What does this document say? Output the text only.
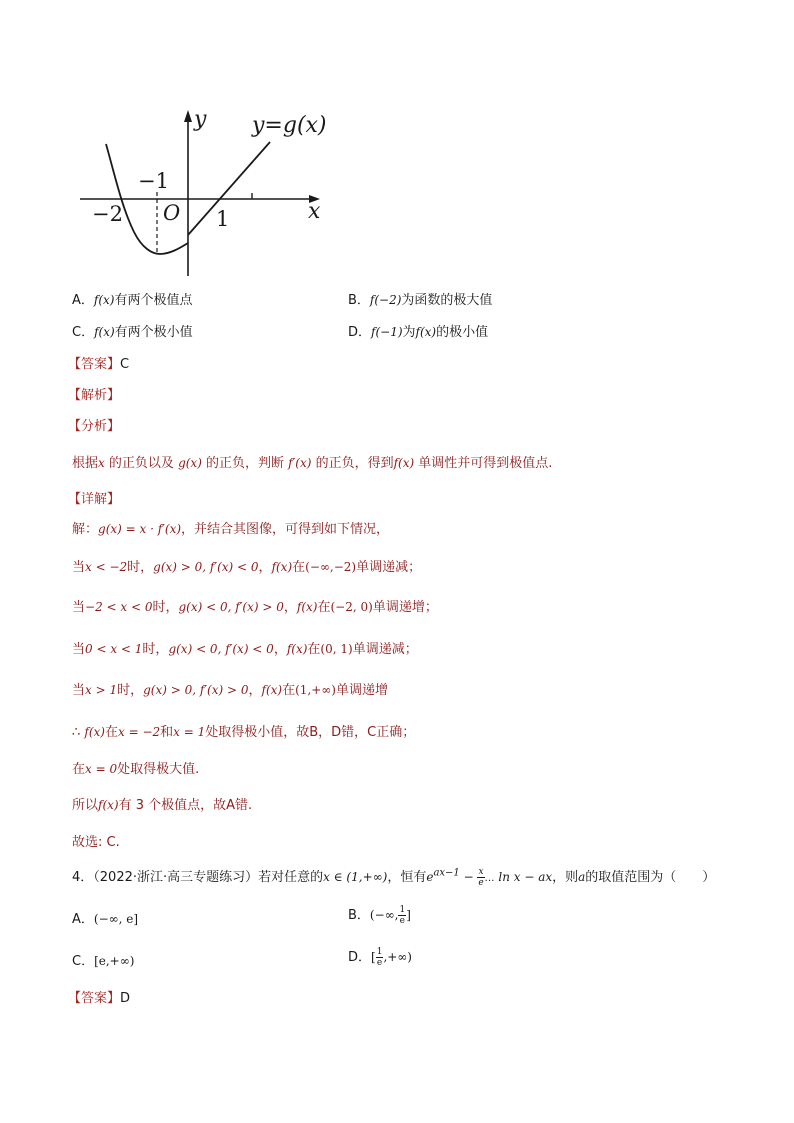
y
x
y=g(x)
O
−2
−1
1
A．f(x)有两个极值点	B．f(−2)为函数的极大值
C．f(x)有两个极小值	D．f(−1)为f(x)的极小值
【答案】C
【解析】
【分析】
根据x 的正负以及 g(x) 的正负，判断 f′(x) 的正负，得到f(x) 单调性并可得到极值点.
【详解】
解：g(x) = x · f′(x)，并结合其图像，可得到如下情况，
当x < −2时，g(x) > 0, f′(x) < 0，f(x)在(−∞,−2)单调递减；
当−2 < x < 0时，g(x) < 0, f′(x) > 0，f(x)在(−2, 0)单调递增；
当0 < x < 1时，g(x) < 0, f′(x) < 0，f(x)在(0, 1)单调递减；
当x > 1时，g(x) > 0, f′(x) > 0，f(x)在(1,+∞)单调递增
∴ f(x)在x = −2和x = 1处取得极小值，故B，D错，C正确；
在x = 0处取得极大值.
所以f(x)有 3 个极值点，故A错.
故选: C.
4．（2022·浙江·高三专题练习）若对任意的x ∈ (1,+∞)，恒有$e^{ax-1} - \frac{x}{e}$ … ln x − ax，则a的取值范围为（　　）
A．(−∞, e]	B．(−∞, $\frac{1}{e}$ ]
C．[e,+∞)	D．[ $\frac{1}{e}$ ,+∞)
【答案】D
